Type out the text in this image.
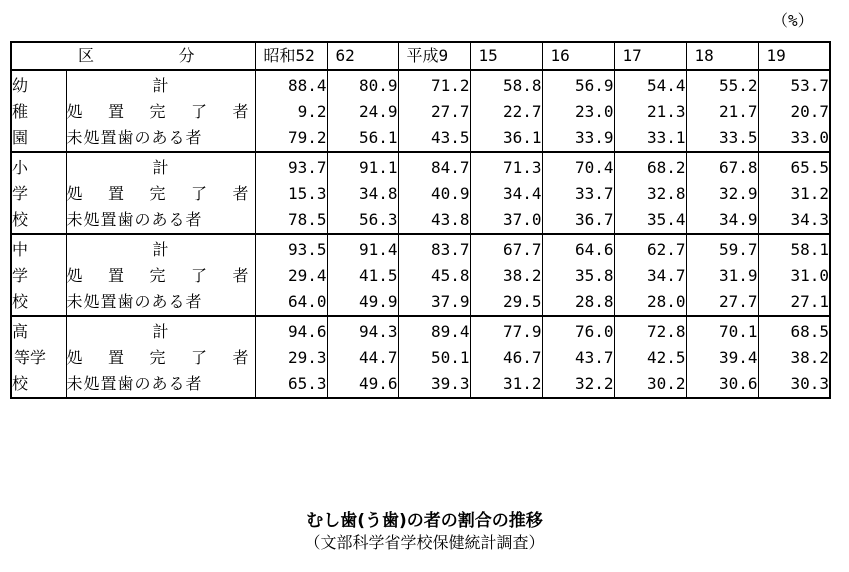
（%）
区 分		昭和52	62	平成9	15	16	17	18	19
幼	計	88.4	80.9	71.2	58.8	56.9	54.4	55.2	53.7
稚	処 置 完 了 者	9.2	24.9	27.7	22.7	23.0	21.3	21.7	20.7
園	未処置歯のある者	79.2	56.1	43.5	36.1	33.9	33.1	33.5	33.0
小	計	93.7	91.1	84.7	71.3	70.4	68.2	67.8	65.5
学	処 置 完 了 者	15.3	34.8	40.9	34.4	33.7	32.8	32.9	31.2
校	未処置歯のある者	78.5	56.3	43.8	37.0	36.7	35.4	34.9	34.3
中	計	93.5	91.4	83.7	67.7	64.6	62.7	59.7	58.1
学	処 置 完 了 者	29.4	41.5	45.8	38.2	35.8	34.7	31.9	31.0
校	未処置歯のある者	64.0	49.9	37.9	29.5	28.8	28.0	27.7	27.1
高	計	94.6	94.3	89.4	77.9	76.0	72.8	70.1	68.5
等学	処 置 完 了 者	29.3	44.7	50.1	46.7	43.7	42.5	39.4	38.2
校	未処置歯のある者	65.3	49.6	39.3	31.2	32.2	30.2	30.6	30.3
むし歯(う歯)の者の割合の推移
（文部科学省学校保健統計調査）
